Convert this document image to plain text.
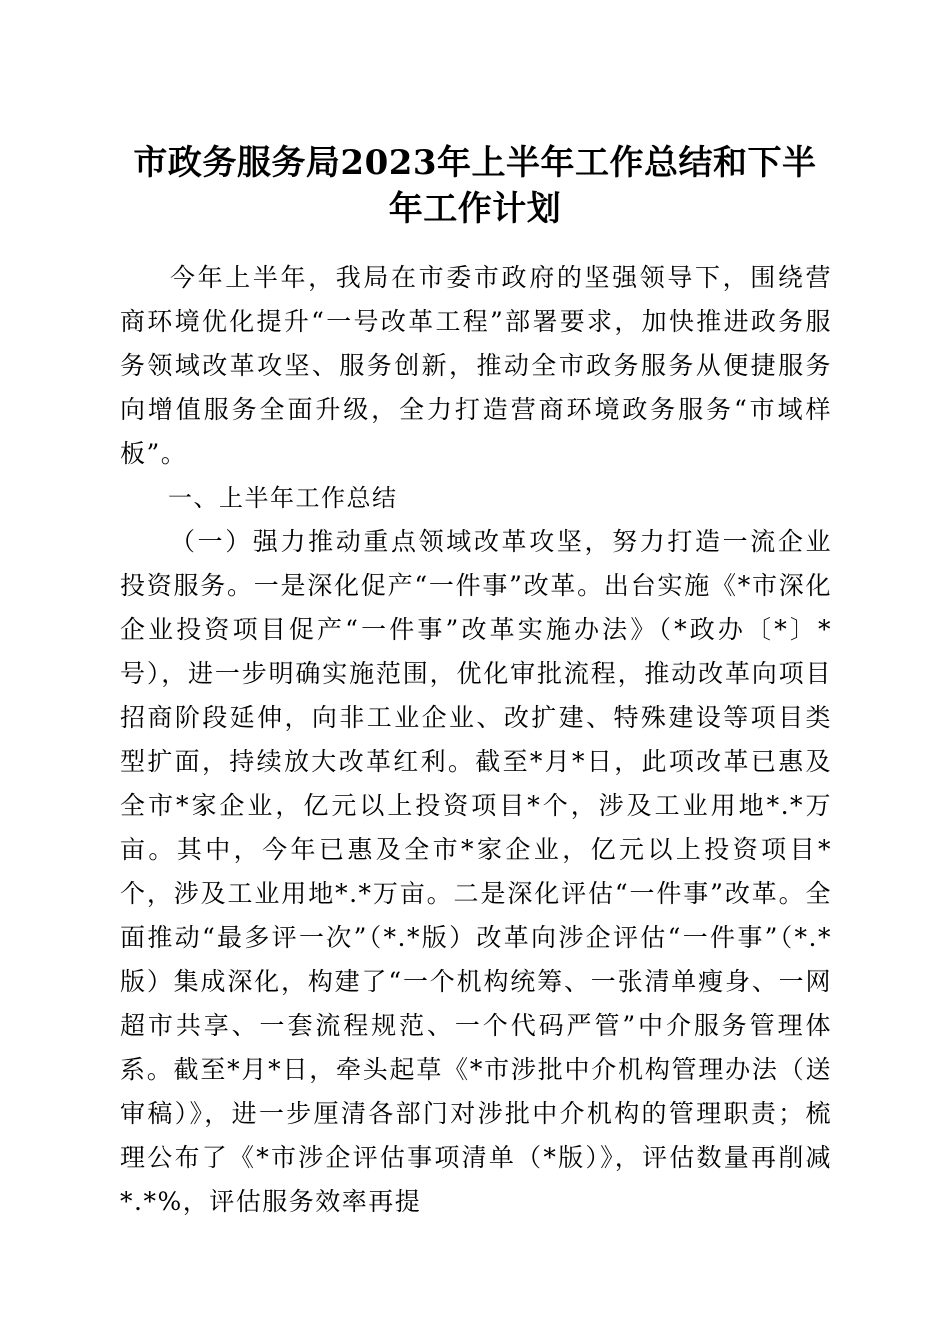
市政务服务局2023年上半年工作总结和下半年工作计划

今年上半年，我局在市委市政府的坚强领导下，围绕营商环境优化提升“一号改革工程”部署要求，加快推进政务服务领域改革攻坚、服务创新，推动全市政务服务从便捷服务向增值服务全面升级，全力打造营商环境政务服务“市域样板”。

一、上半年工作总结

（一）强力推动重点领域改革攻坚，努力打造一流企业投资服务。一是深化促产“一件事”改革。出台实施《*市深化企业投资项目促产“一件事”改革实施办法》（*政办〔*〕*号），进一步明确实施范围，优化审批流程，推动改革向项目招商阶段延伸，向非工业企业、改扩建、特殊建设等项目类型扩面，持续放大改革红利。截至*月*日，此项改革已惠及全市*家企业，亿元以上投资项目*个，涉及工业用地*.*万亩。其中，今年已惠及全市*家企业，亿元以上投资项目*个，涉及工业用地*.*万亩。二是深化评估“一件事”改革。全面推动“最多评一次”（*.*版）改革向涉企评估“一件事”（*.*版）集成深化，构建了“一个机构统筹、一张清单瘦身、一网超市共享、一套流程规范、一个代码严管”中介服务管理体系。截至*月*日，牵头起草《*市涉批中介机构管理办法（送审稿）》，进一步厘清各部门对涉批中介机构的管理职责；梳理公布了《*市涉企评估事项清单（*版）》，评估数量再削减*.*%，评估服务效率再提
